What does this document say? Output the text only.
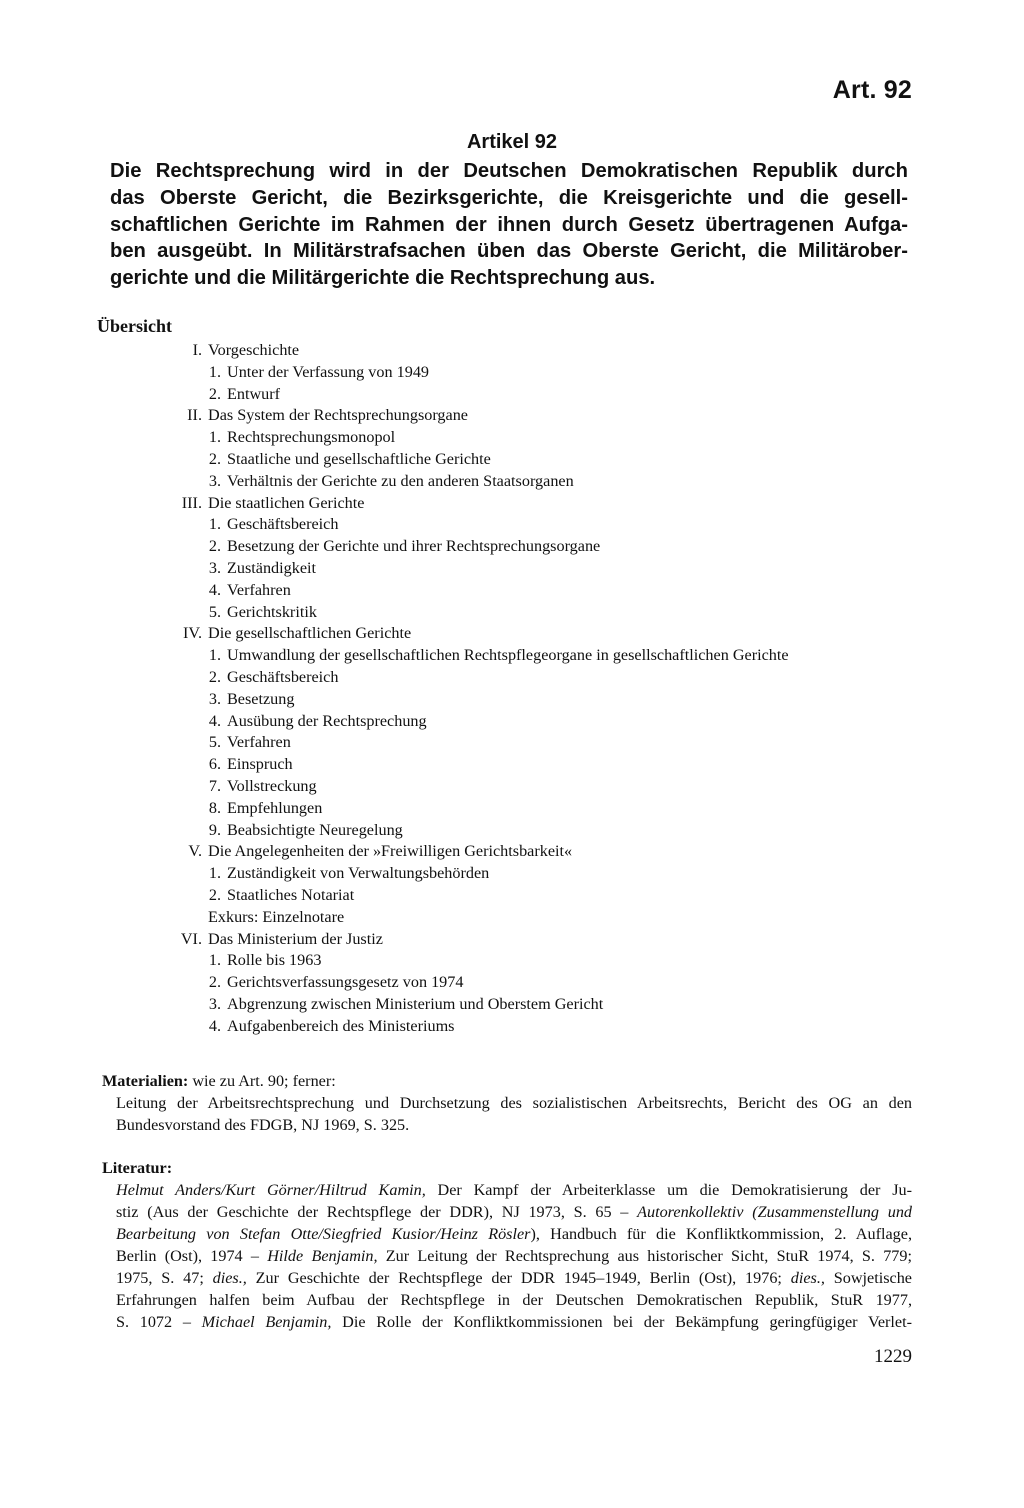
Art. 92
Artikel 92
Die Rechtsprechung wird in der Deutschen Demokratischen Republik durch
das Oberste Gericht, die Bezirksgerichte, die Kreisgerichte und die gesell-
schaftlichen Gerichte im Rahmen der ihnen durch Gesetz übertragenen Aufga-
ben ausgeübt. In Militärstrafsachen üben das Oberste Gericht, die Militärober-
gerichte und die Militärgerichte die Rechtsprechung aus.
Übersicht
I. Vorgeschichte
1. Unter der Verfassung von 1949
2. Entwurf
II. Das System der Rechtsprechungsorgane
1. Rechtsprechungsmonopol
2. Staatliche und gesellschaftliche Gerichte
3. Verhältnis der Gerichte zu den anderen Staatsorganen
III. Die staatlichen Gerichte
1. Geschäftsbereich
2. Besetzung der Gerichte und ihrer Rechtsprechungsorgane
3. Zuständigkeit
4. Verfahren
5. Gerichtskritik
IV. Die gesellschaftlichen Gerichte
1. Umwandlung der gesellschaftlichen Rechtspflegeorgane in gesellschaftlichen Gerichte
2. Geschäftsbereich
3. Besetzung
4. Ausübung der Rechtsprechung
5. Verfahren
6. Einspruch
7. Vollstreckung
8. Empfehlungen
9. Beabsichtigte Neuregelung
V. Die Angelegenheiten der »Freiwilligen Gerichtsbarkeit«
1. Zuständigkeit von Verwaltungsbehörden
2. Staatliches Notariat
Exkurs: Einzelnotare
VI. Das Ministerium der Justiz
1. Rolle bis 1963
2. Gerichtsverfassungsgesetz von 1974
3. Abgrenzung zwischen Ministerium und Oberstem Gericht
4. Aufgabenbereich des Ministeriums
Materialien: wie zu Art. 90; ferner:
Leitung der Arbeitsrechtsprechung und Durchsetzung des sozialistischen Arbeitsrechts, Bericht des OG an den Bundesvorstand des FDGB, NJ 1969, S. 325.
Literatur:
Helmut Anders/Kurt Görner/Hiltrud Kamin, Der Kampf der Arbeiterklasse um die Demokratisierung der Ju-
stiz (Aus der Geschichte der Rechtspflege der DDR), NJ 1973, S. 65 – Autorenkollektiv (Zusammenstellung und
Bearbeitung von Stefan Otte/Siegfried Kusior/Heinz Rösler), Handbuch für die Konfliktkommission, 2. Auflage,
Berlin (Ost), 1974 – Hilde Benjamin, Zur Leitung der Rechtsprechung aus historischer Sicht, StuR 1974, S. 779;
1975, S. 47; dies., Zur Geschichte der Rechtspflege der DDR 1945–1949, Berlin (Ost), 1976; dies., Sowjetische
Erfahrungen halfen beim Aufbau der Rechtspflege in der Deutschen Demokratischen Republik, StuR 1977,
S. 1072 – Michael Benjamin, Die Rolle der Konfliktkommissionen bei der Bekämpfung geringfügiger Verlet-
1229
